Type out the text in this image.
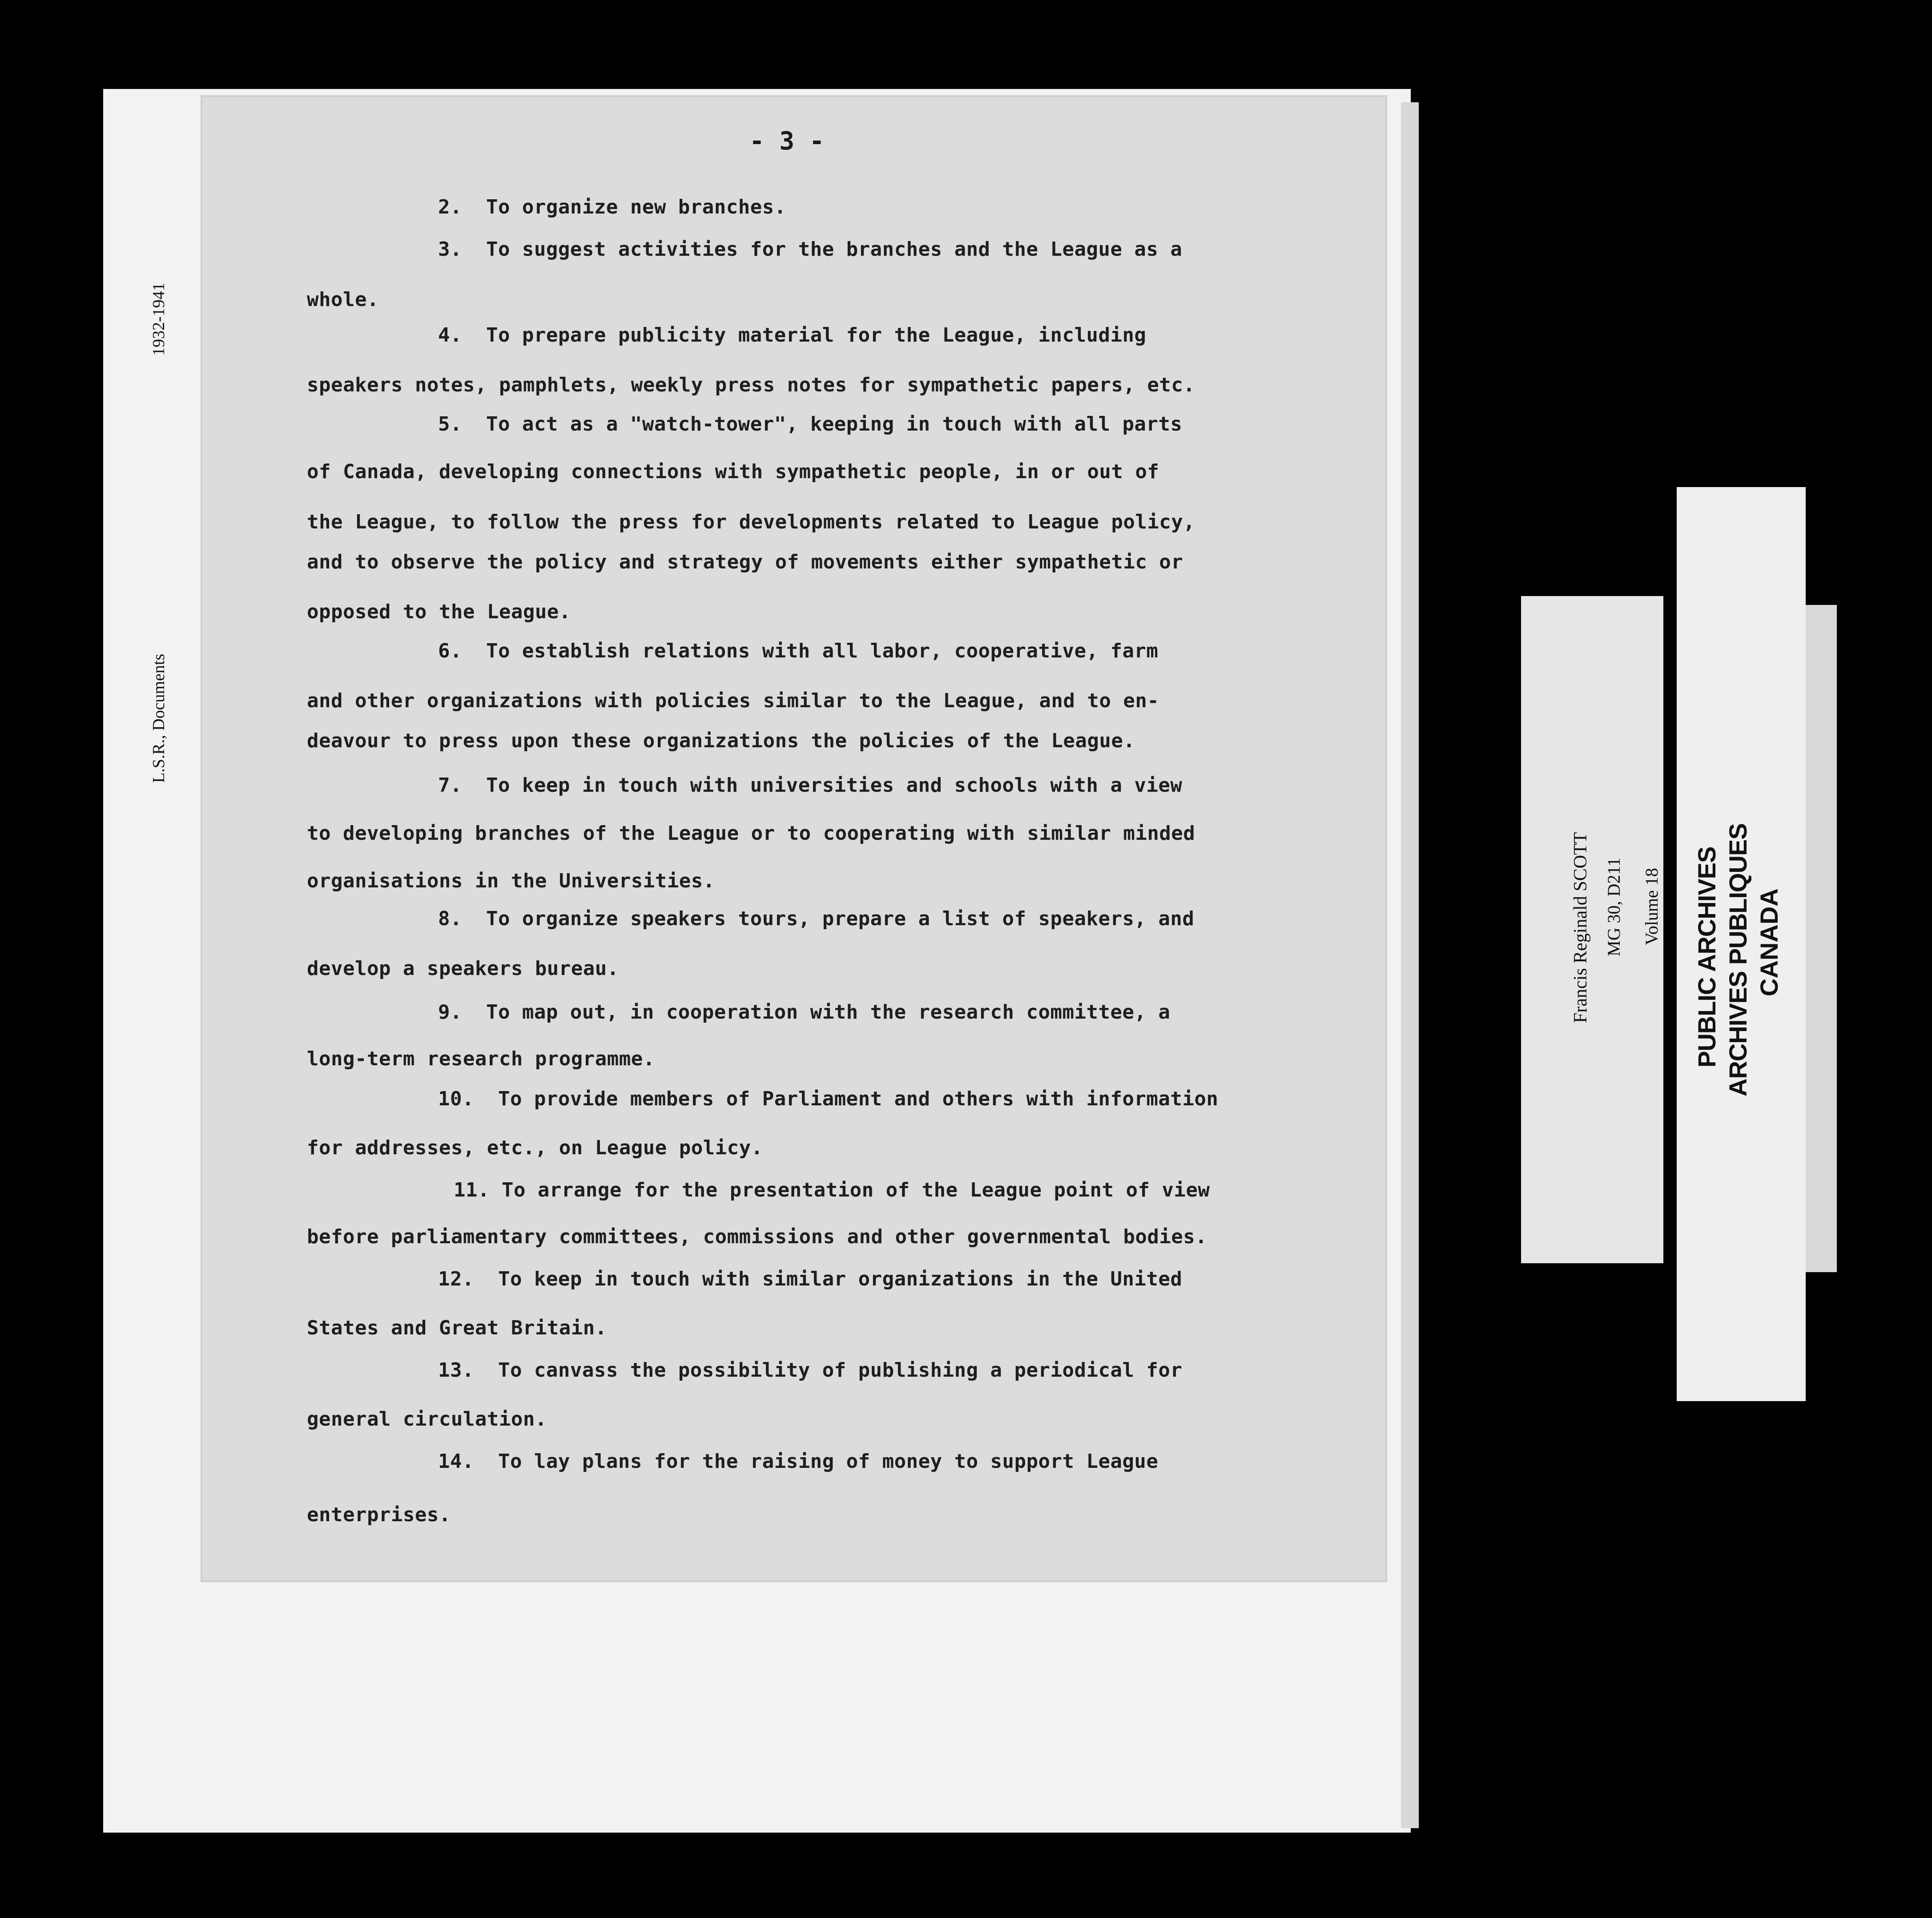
1932-1941
L.S.R., Documents
- 3 -
2.  To organize new branches.
3.  To suggest activities for the branches and the League as a
whole.
4.  To prepare publicity material for the League, including
speakers notes, pamphlets, weekly press notes for sympathetic papers, etc.
5.  To act as a "watch-tower", keeping in touch with all parts
of Canada, developing connections with sympathetic people, in or out of
the League, to follow the press for developments related to League policy,
and to observe the policy and strategy of movements either sympathetic or
opposed to the League.
6.  To establish relations with all labor, cooperative, farm
and other organizations with policies similar to the League, and to en-
deavour to press upon these organizations the policies of the League.
7.  To keep in touch with universities and schools with a view
to developing branches of the League or to cooperating with similar minded
organisations in the Universities.
8.  To organize speakers tours, prepare a list of speakers, and
develop a speakers bureau.
9.  To map out, in cooperation with the research committee, a
long-term research programme.
10.  To provide members of Parliament and others with information
for addresses, etc., on League policy.
11. To arrange for the presentation of the League point of view
before parliamentary committees, commissions and other governmental bodies.
12.  To keep in touch with similar organizations in the United
States and Great Britain.
13.  To canvass the possibility of publishing a periodical for
general circulation.
14.  To lay plans for the raising of money to support League
enterprises.
Francis Reginald SCOTT MG 30, D211 Volume 18 PUBLIC ARCHIVES ARCHIVES PUBLIQUES CANADA
